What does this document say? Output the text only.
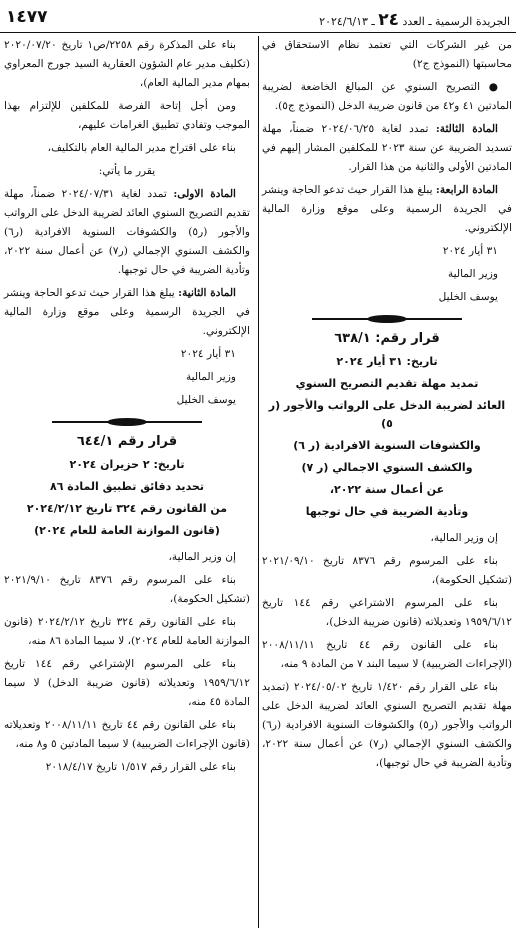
الجريدة الرسمية ـ العدد ٢٤ ـ ٢٠٢٤/٦/١٣
١٤٧٧

من غير الشركات التي تعتمد نظام الاستحقاق في محاسبتها (النموذج ج٢)

● التصريح السنوي عن المبالغ الخاضعة لضريبة المادتين ٤١ و٤٢ من قانون ضريبة الدخل (النموذج ج٥).

المادة الثالثة: تمدد لغاية ٢٠٢٤/٠٦/٢٥ ضمناً، مهلة تسديد الضريبة عن سنة ٢٠٢٣ للمكلفين المشار إليهم في المادتين الأولى والثانية من هذا القرار.

المادة الرابعة: يبلغ هذا القرار حيث تدعو الحاجة وينشر في الجريدة الرسمية وعلى موقع وزارة المالية الإلكتروني.

٣١ أيار ٢٠٢٤

وزير المالية

يوسف الخليل

قرار رقم: ٦٣٨/١

تاريخ: ٣١ أيار ٢٠٢٤

تمديد مهلة تقديم التصريح السنوي

العائد لضريبة الدخل على الرواتب والأجور (ر ٥)

والكشوفات السنوية الافرادية (ر ٦)

والكشف السنوي الاجمالي (ر ٧)

عن أعمال سنة ٢٠٢٢،

وتأدية الضريبة في حال توجبها

إن وزير المالية،

بناء على المرسوم رقم ٨٣٧٦ تاريخ ٢٠٢١/٠٩/١٠ (تشكيل الحكومة)،

بناء على المرسوم الاشتراعي رقم ١٤٤ تاريخ ١٩٥٩/٦/١٢ وتعديلاته (قانون ضريبة الدخل)،

بناء على القانون رقم ٤٤ تاريخ ٢٠٠٨/١١/١١ (الإجراءات الضريبية) لا سيما البند ٧ من المادة ٩ منه،

بناء على القرار رقم ١/٤٢٠ تاريخ ٢٠٢٤/٠٥/٠٢ (تمديد مهلة تقديم التصريح السنوي العائد لضريبة الدخل على الرواتب والأجور (ر٥) والكشوفات السنوية الافرادية (ر٦) والكشف السنوي الإجمالي (ر٧) عن أعمال سنة ٢٠٢٢، وتأدية الضريبة في حال توجبها)،

بناء على المذكرة رقم ٢٢٥٨/ص١ تاريخ ٢٠٢٠/٠٧/٢٠ (تكليف مدير عام الشؤون العقارية السيد جورج المعراوي بمهام مدير المالية العام)،

ومن أجل إتاحة الفرصة للمكلفين للإلتزام بهذا الموجب وتفادي تطبيق الغرامات عليهم،

بناء على اقتراح مدير المالية العام بالتكليف،

يقرر ما يأتي:

المادة الاولى: تمدد لغاية ٢٠٢٤/٠٧/٣١ ضمناً، مهلة تقديم التصريح السنوي العائد لضريبة الدخل على الرواتب والأجور (ر٥) والكشوفات السنوية الافرادية (ر٦) والكشف السنوي الإجمالي (ر٧) عن أعمال سنة ٢٠٢٢، وتأدية الضريبة في حال توجبها.

المادة الثانية: يبلغ هذا القرار حيث تدعو الحاجة وينشر في الجريدة الرسمية وعلى موقع وزارة المالية الإلكتروني.

٣١ أيار ٢٠٢٤

وزير المالية

يوسف الخليل

قرار رقم ٦٤٤/١

تاريخ: ٢ حزيران ٢٠٢٤

تحديد دقائق تطبيق المادة ٨٦

من القانون رقم ٣٢٤ تاريخ ٢٠٢٤/٢/١٢

(قانون الموازنة العامة للعام ٢٠٢٤)

إن وزير المالية،

بناء على المرسوم رقم ٨٣٧٦ تاريخ ٢٠٢١/٩/١٠ (تشكيل الحكومة)،

بناء على القانون رقم ٣٢٤ تاريخ ٢٠٢٤/٢/١٢ (قانون الموازنة العامة للعام ٢٠٢٤)، لا سيما المادة ٨٦ منه،

بناء على المرسوم الإشتراعي رقم ١٤٤ تاريخ ١٩٥٩/٦/١٢ وتعديلاته (قانون ضريبة الدخل) لا سيما المادة ٤٥ منه،

بناء على القانون رقم ٤٤ تاريخ ٢٠٠٨/١١/١١ وتعديلاته (قانون الإجراءات الضريبية) لا سيما المادتين ٥ و٨ منه،

بناء على القرار رقم ١/٥١٧ تاريخ ٢٠١٨/٤/١٧
